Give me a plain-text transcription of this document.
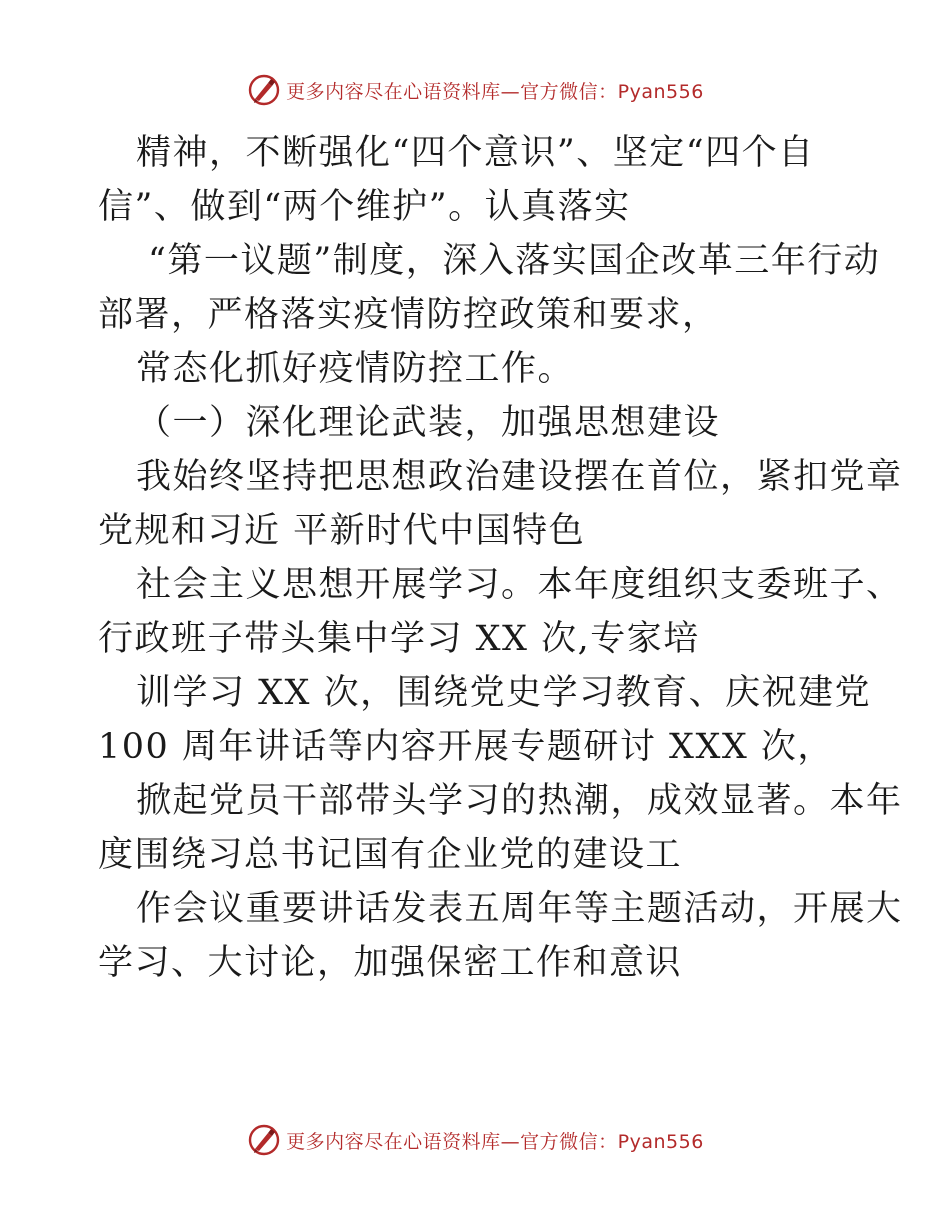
更多内容尽在心语资料库—官方微信：Pyan556
精神，不断强化“四个意识”、坚定“四个自
信”、做到“两个维护”。认真落实
“第一议题”制度，深入落实国企改革三年行动
部署，严格落实疫情防控政策和要求，
常态化抓好疫情防控工作。
（一）深化理论武装，加强思想建设
我始终坚持把思想政治建设摆在首位，紧扣党章
党规和习近 平新时代中国特色
社会主义思想开展学习。本年度组织支委班子、
行政班子带头集中学习 XX 次,专家培
训学习 XX 次，围绕党史学习教育、庆祝建党
100 周年讲话等内容开展专题研讨 XXX 次，
掀起党员干部带头学习的热潮，成效显著。本年
度围绕习总书记国有企业党的建设工
作会议重要讲话发表五周年等主题活动，开展大
学习、大讨论，加强保密工作和意识
更多内容尽在心语资料库—官方微信：Pyan556
